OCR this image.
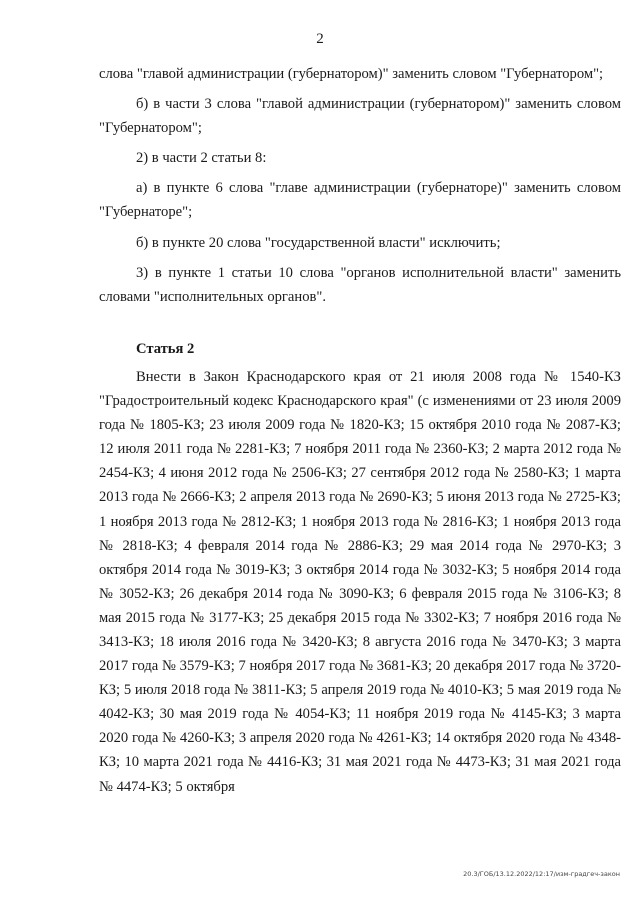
2

слова "главой администрации (губернатором)" заменить словом "Губернатором";

б) в части 3 слова "главой администрации (губернатором)" заменить словом "Губернатором";

2) в части 2 статьи 8:

а) в пункте 6 слова "главе администрации (губернаторе)" заменить словом "Губернаторе";

б) в пункте 20 слова "государственной власти" исключить;

3) в пункте 1 статьи 10 слова "органов исполнительной власти" заменить словами "исполнительных органов".

Статья 2

Внести в Закон Краснодарского края от 21 июля 2008 года № 1540-КЗ "Градостроительный кодекс Краснодарского края" (с изменениями от 23 июля 2009 года № 1805-КЗ; 23 июля 2009 года № 1820-КЗ; 15 октября 2010 года № 2087-КЗ; 12 июля 2011 года № 2281-КЗ; 7 ноября 2011 года № 2360-КЗ; 2 марта 2012 года № 2454-КЗ; 4 июня 2012 года № 2506-КЗ; 27 сентября 2012 года № 2580-КЗ; 1 марта 2013 года № 2666-КЗ; 2 апреля 2013 года № 2690-КЗ; 5 июня 2013 года № 2725-КЗ; 1 ноября 2013 года № 2812-КЗ; 1 ноября 2013 года № 2816-КЗ; 1 ноября 2013 года № 2818-КЗ; 4 февраля 2014 года № 2886-КЗ; 29 мая 2014 года № 2970-КЗ; 3 октября 2014 года № 3019-КЗ; 3 октября 2014 года № 3032-КЗ; 5 ноября 2014 года № 3052-КЗ; 26 декабря 2014 года № 3090-КЗ; 6 февраля 2015 года № 3106-КЗ; 8 мая 2015 года № 3177-КЗ; 25 декабря 2015 года № 3302-КЗ; 7 ноября 2016 года № 3413-КЗ; 18 июля 2016 года № 3420-КЗ; 8 августа 2016 года № 3470-КЗ; 3 марта 2017 года № 3579-КЗ; 7 ноября 2017 года № 3681-КЗ; 20 декабря 2017 года № 3720-КЗ; 5 июля 2018 года № 3811-КЗ; 5 апреля 2019 года № 4010-КЗ; 5 мая 2019 года № 4042-КЗ; 30 мая 2019 года № 4054-КЗ; 11 ноября 2019 года № 4145-КЗ; 3 марта 2020 года № 4260-КЗ; 3 апреля 2020 года № 4261-КЗ; 14 октября 2020 года № 4348-КЗ; 10 марта 2021 года № 4416-КЗ; 31 мая 2021 года № 4473-КЗ; 31 мая 2021 года № 4474-КЗ; 5 октября

20.3/ГОБ/13.12.2022/12:17/изм-градгеч-закон
